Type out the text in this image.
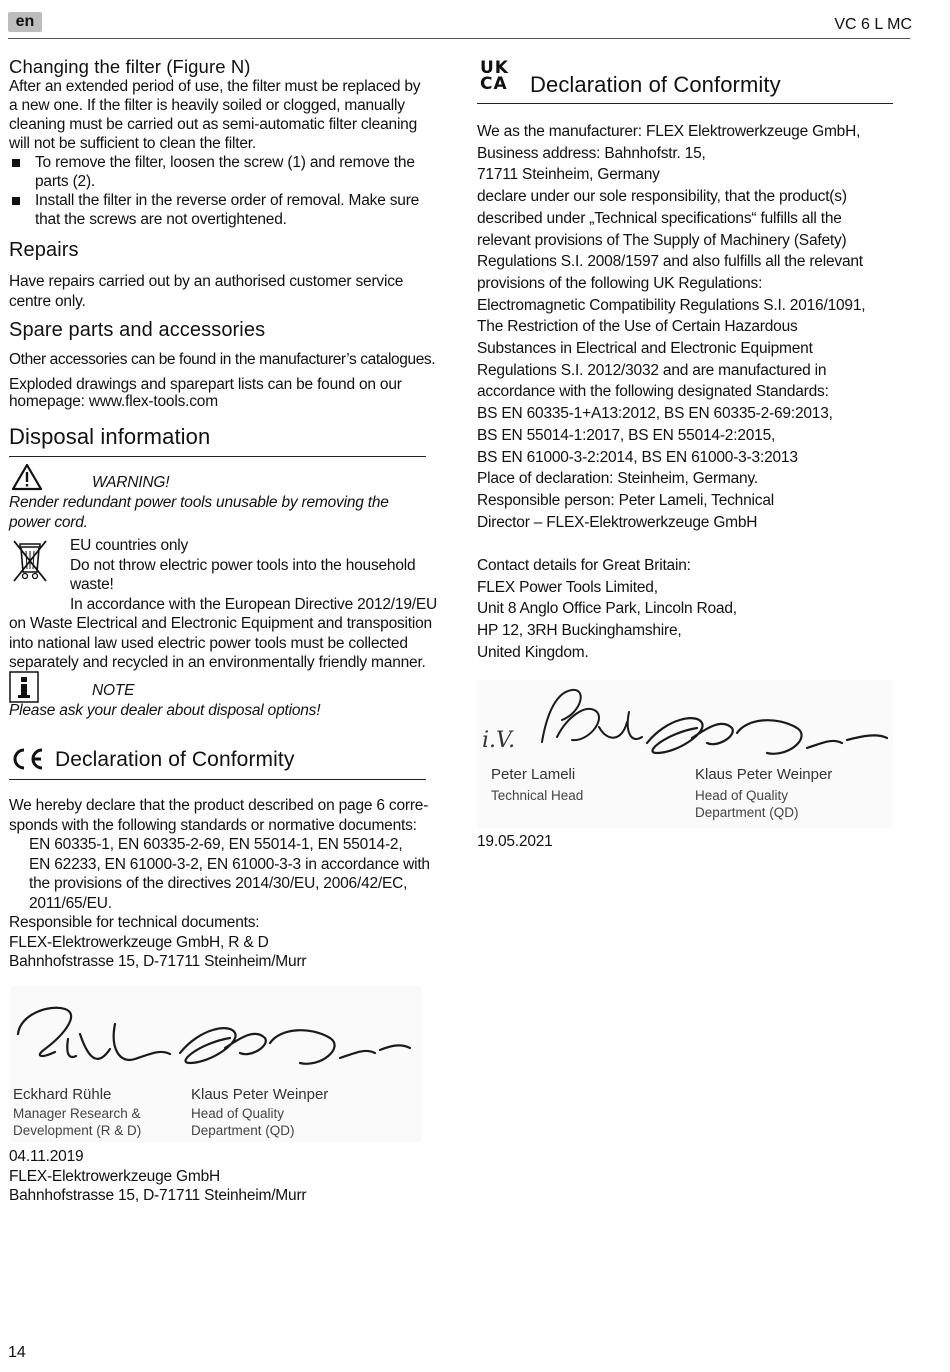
en	VC 6 L MC
Changing the filter (Figure N)
After an extended period of use, the filter must be replaced by
a new one. If the filter is heavily soiled or clogged, manually
cleaning must be carried out as semi-automatic filter cleaning
will not be sufficient to clean the filter.
To remove the filter, loosen the screw (1) and remove the
parts (2).
Install the filter in the reverse order of removal. Make sure
that the screws are not overtightened.
Repairs
Have repairs carried out by an authorised customer service
centre only.
Spare parts and accessories
Other accessories can be found in the manufacturer’s catalogues.
Exploded drawings and sparepart lists can be found on our
homepage: www.flex-tools.com
Disposal information
WARNING!
Render redundant power tools unusable by removing the
power cord.
EU countries only
Do not throw electric power tools into the household
waste!
In accordance with the European Directive 2012/19/EU
on Waste Electrical and Electronic Equipment and transposition
into national law used electric power tools must be collected
separately and recycled in an environmentally friendly manner.
NOTE
Please ask your dealer about disposal options!
Declaration of Conformity
We hereby declare that the product described on page 6 corre-
sponds with the following standards or normative documents:
EN 60335-1, EN 60335-2-69, EN 55014-1, EN 55014-2,
EN 62233, EN 61000-3-2, EN 61000-3-3 in accordance with
the provisions of the directives 2014/30/EU, 2006/42/EC,
2011/65/EU.
Responsible for technical documents:
FLEX-Elektrowerkzeuge GmbH, R & D
Bahnhofstrasse 15, D-71711 Steinheim/Murr
Eckhard Rühle
Manager Research &
Development (R & D)
Klaus Peter Weinper
Head of Quality
Department (QD)
04.11.2019
FLEX-Elektrowerkzeuge GmbH
Bahnhofstrasse 15, D-71711 Steinheim/Murr
UK
CA Declaration of Conformity
We as the manufacturer: FLEX Elektrowerkzeuge GmbH,
Business address: Bahnhofstr. 15,
71711 Steinheim, Germany
declare under our sole responsibility, that the product(s)
described under „Technical specifications“ fulfills all the
relevant provisions of The Supply of Machinery (Safety)
Regulations S.I. 2008/1597 and also fulfills all the relevant
provisions of the following UK Regulations:
Electromagnetic Compatibility Regulations S.I. 2016/1091,
The Restriction of the Use of Certain Hazardous
Substances in Electrical and Electronic Equipment
Regulations S.I. 2012/3032 and are manufactured in
accordance with the following designated Standards:
BS EN 60335-1+A13:2012, BS EN 60335-2-69:2013,
BS EN 55014-1:2017, BS EN 55014-2:2015,
BS EN 61000-3-2:2014, BS EN 61000-3-3:2013
Place of declaration: Steinheim, Germany.
Responsible person: Peter Lameli, Technical
Director – FLEX-Elektrowerkzeuge GmbH
Contact details for Great Britain:
FLEX Power Tools Limited,
Unit 8 Anglo Office Park, Lincoln Road,
HP 12, 3RH Buckinghamshire,
United Kingdom.
i.V.
Peter Lameli
Technical Head
Klaus Peter Weinper
Head of Quality
Department (QD)
19.05.2021
14
